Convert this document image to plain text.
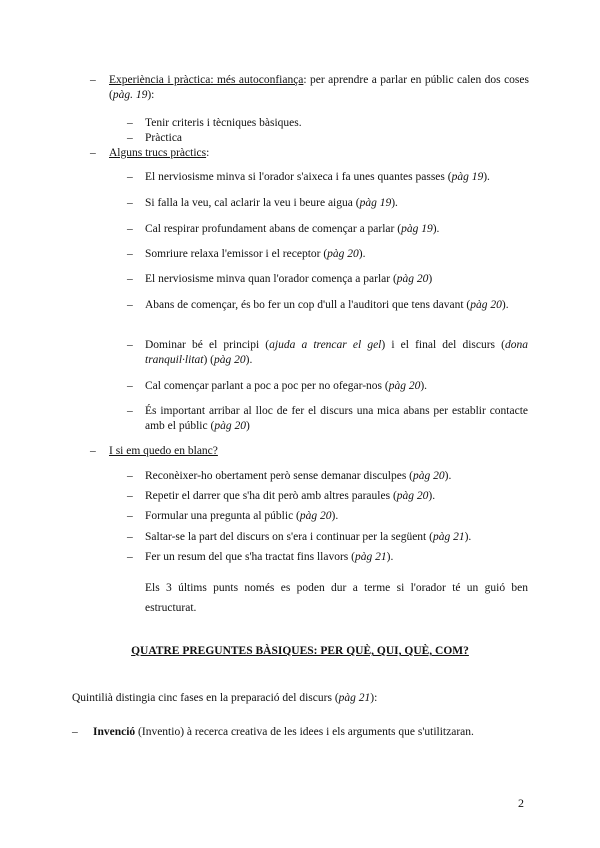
–	Experiència i pràctica: més autoconfiança: per aprendre a parlar en públic calen dos coses (pàg. 19):
–	Tenir criteris i tècniques bàsiques.
–	Pràctica
–	Alguns trucs pràctics:
–	El nerviosisme minva si l'orador s'aixeca i fa unes quantes passes (pàg 19).
–	Si falla la veu, cal aclarir la veu i beure aigua (pàg 19).
–	Cal respirar profundament abans de començar a parlar (pàg 19).
–	Somriure relaxa l'emissor i el receptor (pàg 20).
–	El nerviosisme minva quan l'orador comença a parlar (pàg 20)
–	Abans de començar, és bo fer un cop d'ull a l'auditori que tens davant (pàg 20).
–	Dominar bé el principi (ajuda a trencar el gel) i el final del discurs (dona tranquil·litat) (pàg 20).
–	Cal començar parlant a poc a poc per no ofegar-nos (pàg 20).
–	És important arribar al lloc de fer el discurs una mica abans per establir contacte amb el públic (pàg 20)
–	I si em quedo en blanc?
–	Reconèixer-ho obertament però sense demanar disculpes (pàg 20).
–	Repetir el darrer que s'ha dit però amb altres paraules (pàg 20).
–	Formular una pregunta al públic (pàg 20).
–	Saltar-se la part del discurs on s'era i continuar per la següent (pàg 21).
–	Fer un resum del que s'ha tractat fins llavors (pàg 21).
Els 3 últims punts només es poden dur a terme si l'orador té un guió ben estructurat.
QUATRE PREGUNTES BÀSIQUES: PER QUÈ, QUI, QUÈ, COM?
Quintilià distingia cinc fases en la preparació del discurs (pàg 21):
–	Invenció (Inventio) à recerca creativa de les idees i els arguments que s'utilitzaran.
2
